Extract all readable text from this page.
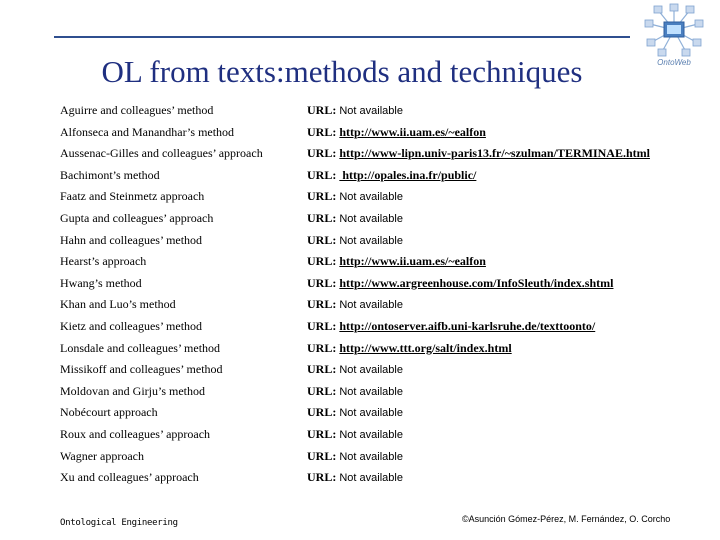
OL from texts:methods and techniques	OntoWeb
Aguirre and colleagues’ method	URL: Not available
Alfonseca and Manandhar’s method	URL: http://www.ii.uam.es/~ealfon
Aussenac-Gilles and colleagues’ approach	URL: http://www-lipn.univ-paris13.fr/~szulman/TERMINAE.html
Bachimont’s method	URL: http://opales.ina.fr/public/
Faatz and Steinmetz approach	URL: Not available
Gupta and colleagues’ approach	URL: Not available
Hahn and colleagues’ method	URL: Not available
Hearst’s approach	URL: http://www.ii.uam.es/~ealfon
Hwang’s method	URL: http://www.argreenhouse.com/InfoSleuth/index.shtml
Khan and Luo’s method	URL: Not available
Kietz and colleagues’ method	URL: http://ontoserver.aifb.uni-karlsruhe.de/texttoonto/
Lonsdale and colleagues’ method	URL: http://www.ttt.org/salt/index.html
Missikoff and colleagues’ method	URL: Not available
Moldovan and Girju’s method	URL: Not available
Nobécourt approach	URL: Not available
Roux and colleagues’ approach	URL: Not available
Wagner approach	URL: Not available
Xu and colleagues’ approach	URL: Not available
Ontological Engineering	©Asunción Gómez-Pérez, M. Fernández, O. Corcho
